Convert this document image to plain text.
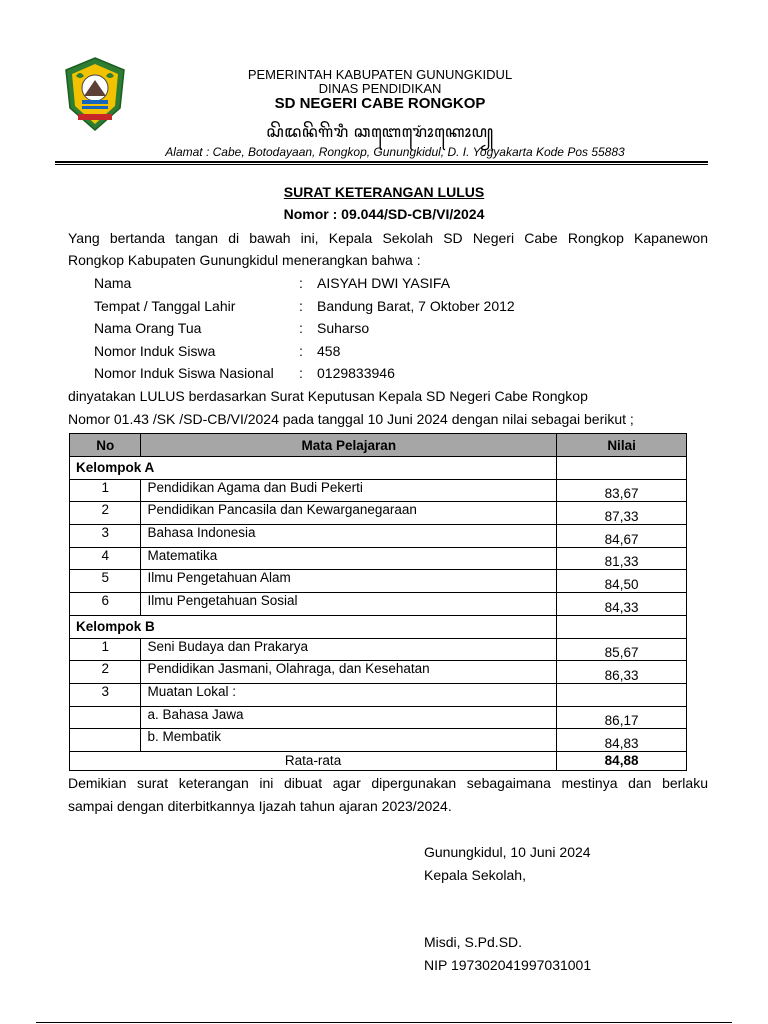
PEMERINTAH KABUPATEN GUNUNGKIDUL
DINAS PENDIDIKAN
SD NEGERI CABE RONGKOP
ꦱꦼꦢꦤꦼꦒꦼꦫꦶ ꦕꦧꦺꦫꦺꦴꦁꦏꦺꦴꦥ꧀
Alamat : Cabe, Botodayaan, Rongkop, Gunungkidul, D. I. Yogyakarta Kode Pos 55883
SURAT KETERANGAN LULUS
Nomor : 09.044/SD-CB/VI/2024
Yang bertanda tangan di bawah ini, Kepala Sekolah SD Negeri Cabe Rongkop Kapanewon
Rongkop Kabupaten Gunungkidul menerangkan bahwa :
Nama	:	AISYAH DWI YASIFA
Tempat / Tanggal Lahir	:	Bandung Barat, 7 Oktober 2012
Nama Orang Tua	:	Suharso
Nomor Induk Siswa	:	458
Nomor Induk Siswa Nasional	:	0129833946
dinyatakan LULUS berdasarkan Surat Keputusan Kepala SD Negeri Cabe Rongkop
Nomor 01.43 /SK /SD-CB/VI/2024 pada tanggal 10 Juni 2024 dengan nilai sebagai berikut ;
No	Mata Pelajaran	Nilai
Kelompok A		
1	Pendidikan Agama dan Budi Pekerti	83,67
2	Pendidikan Pancasila dan Kewarganegaraan	87,33
3	Bahasa Indonesia	84,67
4	Matematika	81,33
5	Ilmu Pengetahuan Alam	84,50
6	Ilmu Pengetahuan Sosial	84,33
Kelompok B		
1	Seni Budaya dan Prakarya	85,67
2	Pendidikan Jasmani, Olahraga, dan Kesehatan	86,33
3	Muatan Lokal :	
	a. Bahasa Jawa	86,17
	b. Membatik	84,83
Rata-rata		84,88
Demikian surat keterangan ini dibuat agar dipergunakan sebagaimana mestinya dan berlaku
sampai dengan diterbitkannya Ijazah tahun ajaran 2023/2024.
Gunungkidul, 10 Juni 2024
Kepala Sekolah,
Misdi, S.Pd.SD.
NIP 197302041997031001
